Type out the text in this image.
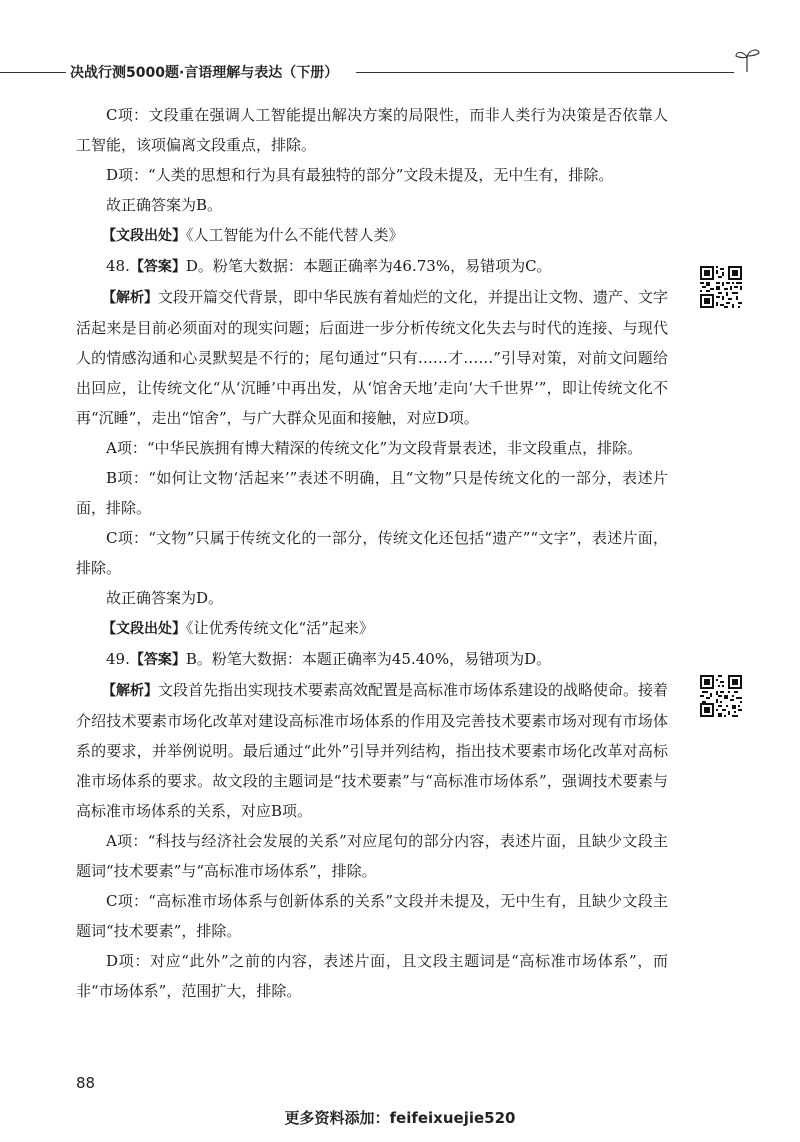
决战行测5000题·言语理解与表达（下册）

C项：文段重在强调人工智能提出解决方案的局限性，而非人类行为决策是否依靠人工智能，该项偏离文段重点，排除。

D项：“人类的思想和行为具有最独特的部分”文段未提及，无中生有，排除。

故正确答案为B。

【文段出处】《人工智能为什么不能代替人类》

48.【答案】D。粉笔大数据：本题正确率为46.73%，易错项为C。

【解析】文段开篇交代背景，即中华民族有着灿烂的文化，并提出让文物、遗产、文字活起来是目前必须面对的现实问题；后面进一步分析传统文化失去与时代的连接、与现代人的情感沟通和心灵默契是不行的；尾句通过“只有……才……”引导对策，对前文问题给出回应，让传统文化“从‘沉睡’中再出发，从‘馆舍天地’走向‘大千世界’”，即让传统文化不再“沉睡”，走出“馆舍”，与广大群众见面和接触，对应D项。

A项：“中华民族拥有博大精深的传统文化”为文段背景表述，非文段重点，排除。

B项：“如何让文物‘活起来’”表述不明确，且“文物”只是传统文化的一部分，表述片面，排除。

C项：“文物”只属于传统文化的一部分，传统文化还包括“遗产”“文字”，表述片面，排除。

故正确答案为D。

【文段出处】《让优秀传统文化“活”起来》

49.【答案】B。粉笔大数据：本题正确率为45.40%，易错项为D。

【解析】文段首先指出实现技术要素高效配置是高标准市场体系建设的战略使命。接着介绍技术要素市场化改革对建设高标准市场体系的作用及完善技术要素市场对现有市场体系的要求，并举例说明。最后通过“此外”引导并列结构，指出技术要素市场化改革对高标准市场体系的要求。故文段的主题词是“技术要素”与“高标准市场体系”，强调技术要素与高标准市场体系的关系，对应B项。

A项：“科技与经济社会发展的关系”对应尾句的部分内容，表述片面，且缺少文段主题词“技术要素”与“高标准市场体系”，排除。

C项：“高标准市场体系与创新体系的关系”文段并未提及，无中生有，且缺少文段主题词“技术要素”，排除。

D项：对应“此外”之前的内容，表述片面，且文段主题词是“高标准市场体系”，而非“市场体系”，范围扩大，排除。

88
更多资料添加：feifeixuejie520
